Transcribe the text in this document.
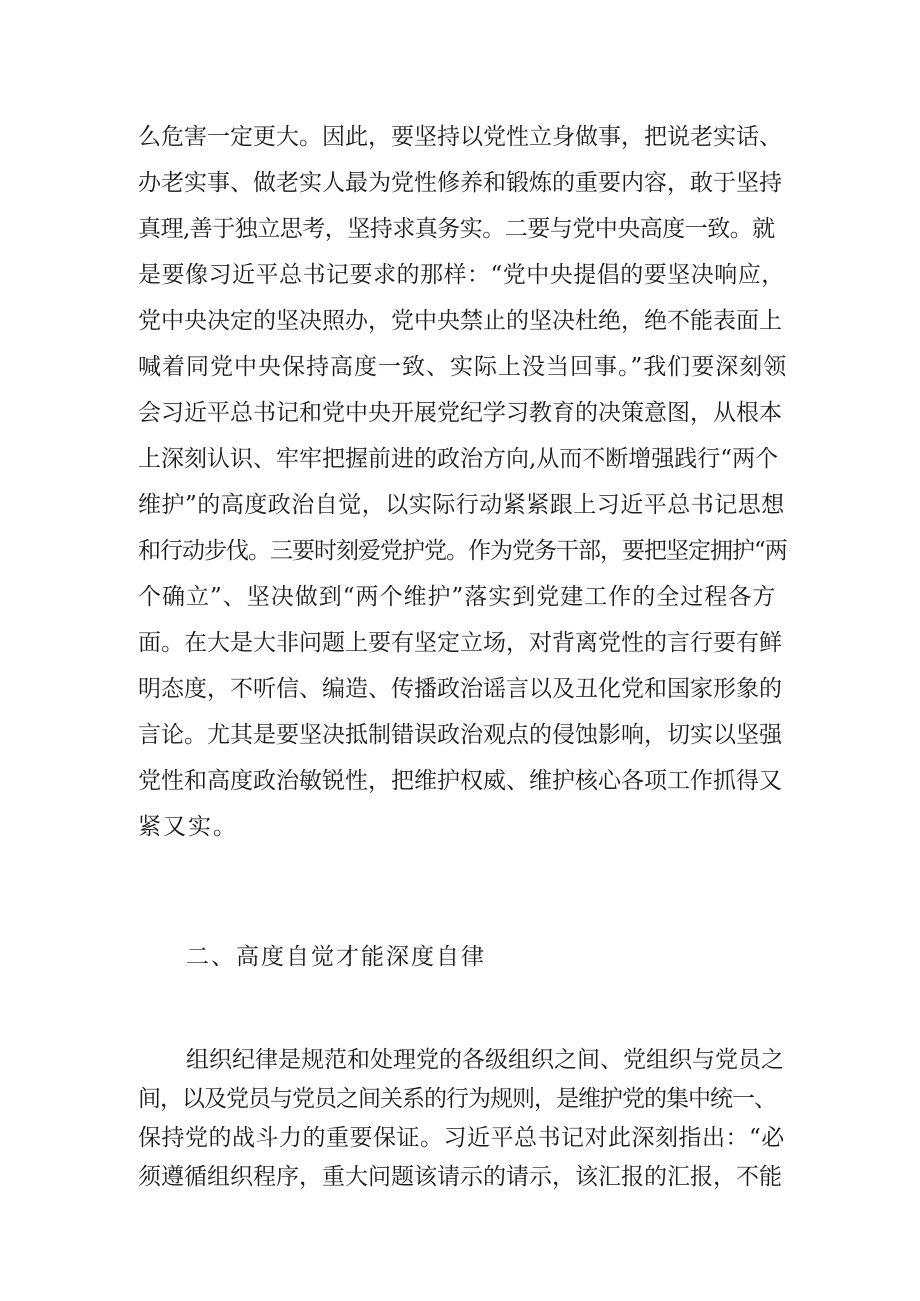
么危害一定更大。因此，要坚持以党性立身做事，把说老实话、
办老实事、做老实人最为党性修养和锻炼的重要内容，敢于坚持
真理,善于独立思考，坚持求真务实。二要与党中央高度一致。就
是要像习近平总书记要求的那样：“党中央提倡的要坚决响应，
党中央决定的坚决照办，党中央禁止的坚决杜绝，绝不能表面上
喊着同党中央保持高度一致、实际上没当回事。”我们要深刻领
会习近平总书记和党中央开展党纪学习教育的决策意图，从根本
上深刻认识、牢牢把握前进的政治方向,从而不断增强践行“两个
维护”的高度政治自觉，以实际行动紧紧跟上习近平总书记思想
和行动步伐。三要时刻爱党护党。作为党务干部，要把坚定拥护“两
个确立”、坚决做到“两个维护”落实到党建工作的全过程各方
面。在大是大非问题上要有坚定立场，对背离党性的言行要有鲜
明态度，不听信、编造、传播政治谣言以及丑化党和国家形象的
言论。尤其是要坚决抵制错误政治观点的侵蚀影响，切实以坚强
党性和高度政治敏锐性，把维护权威、维护核心各项工作抓得又
紧又实。
二、高度自觉才能深度自律
组织纪律是规范和处理党的各级组织之间、党组织与党员之
间，以及党员与党员之间关系的行为规则，是维护党的集中统一、
保持党的战斗力的重要保证。习近平总书记对此深刻指出：“必
须遵循组织程序，重大问题该请示的请示，该汇报的汇报，不能
